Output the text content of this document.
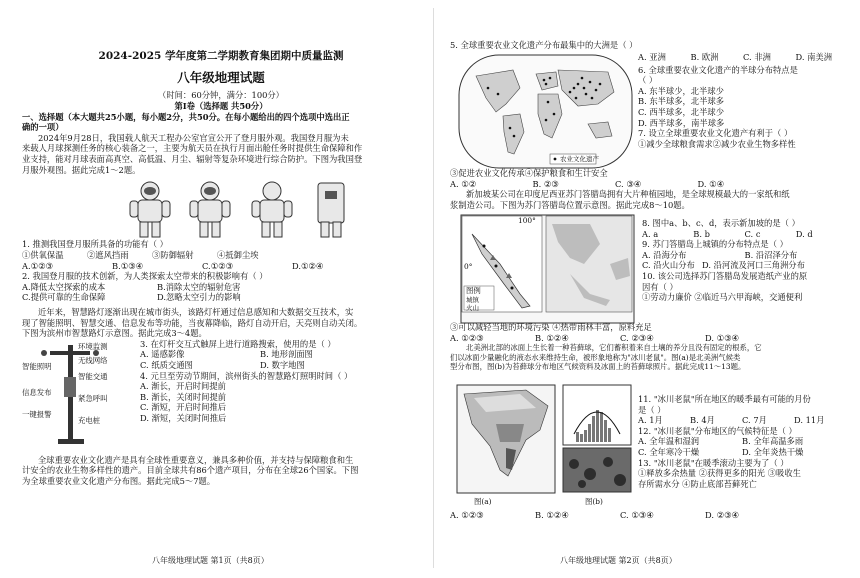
2024-2025 学年度第二学期教育集团期中质量监测

八年级地理试题

（时间：60分钟，满分：100分）

第Ⅰ卷（选择题 共50分）

一、选择题（本大题共25小题，每小题2分，共50分。在每小题给出的四个选项中选出正

确的一项）

2024年9月28日，我国载人航天工程办公室官宣公开了登月服外观。我国登月服为未

来载人月球探测任务的核心装备之一，主要为航天员在执行月面出舱任务时提供生命保障和作

业支持，能对月球表面高真空、高低温、月尘、辐射等复杂环境进行综合防护。下图为我国登

月服外观图。据此完成1～2题。

1. 推测我国登月服所具备的功能有（ ）

①供氧保温	②遮风挡雨	③防御辐射	④抵御尘埃
A.①②③	B.①③④	C.①②③	D.①②④

2. 我国登月服的技术创新，为人类探索太空带来的积极影响有（ ）

A.降低太空探索的成本	B.消除太空的辐射危害
C.提供可靠的生命保障	D.忽略太空引力的影响

近年来，智慧路灯逐渐出现在城市街头，该路灯杆通过信息感知和大数据交互技术，实

现了智能照明、智慧交通、信息发布等功能，当夜幕降临，路灯自动开启，天亮则自动关闭。

下图为滨州市智慧路灯示意图。据此完成3～4题。

环境监测
无线网络
智能交通
紧急呼叫
充电桩
智能照明
信息发布
一键报警

3. 在灯杆交互式触屏上进行道路搜索，使用的是（ ）

A. 遥感影像

C. 纸质交通图

4. 元旦至劳动节期间，滨州街头的智慧路灯照明时间（ ）

A. 渐长，开启时间提前

B. 渐长，关闭时间提前

C. 渐短，开启时间推后

D. 渐短，关闭时间推后

B. 地形剖面图

D. 数字地图

全球重要农业文化遗产是具有全球性重要意义，兼具多种价值，并支持与保障粮食和生

计安全的农业生物多样性的遗产。目前全球共有86个遗产项目，分布在全球26个国家。下图

为全球重要农业文化遗产分布图。据此完成5～7题。

八年级地理试题 第1页（共8页）

5. 全球重要农业文化遗产分布最集中的大洲是（ ）

农业文化遗产
A. 亚洲	B. 欧洲	C. 非洲	D. 南美洲

6. 全球重要农业文化遗产的半球分布特点是

（ ）

A. 东半球少，北半球少

B. 东半球多，北半球多

C. 西半球多，北半球少

D. 西半球多，南半球多

7. 设立全球重要农业文化遗产有利于（ ）

①减少全球粮食需求②减少农业生物多样性

③促进农业文化传承④保护粮食和生计安全

A. ①②	B. ②③	C. ③④	D. ①④

新加坡某公司在印度尼西亚苏门答腊岛拥有大片种植园地，是全球规模最大的一家纸和纸

浆制造公司。下图为苏门答腊岛位置示意图。据此完成8～10题。

100°
0°
图例
城镇
火山

8. 图中a、b、c、d，表示新加坡的是（ ）

A. a	B. b	C. c	D. d

9. 苏门答腊岛上城镇的分布特点是（ ）

A. 沿海分布	B. 沿沼泽分布

C. 沿火山分布 D. 沿河流及河口三角洲分布

10. 该公司选择苏门答腊岛发展造纸产业的原

因有（ ）

①劳动力廉价 ②临近马六甲海峡，交通便利

③可以减轻当地的环境污染 ④热带雨林丰富，原料充足

A. ①②③	B. ①②④	C. ②③④	D. ①③④

北美洲北部的冰面上生长着一种苔藓球，它们蓄积着来自土壤的养分且没有固定的根系，它

们以冰面少量融化的液态水来维持生命，被形象地称为"冰川老鼠"。图(a)是北美洲气候类

型分布图，图(b)为苔藓球分布地区气候资料及冰面上的苔藓球照片。据此完成11～13题。

图(a)	图(b)

11. "冰川老鼠"所在地区的暖季最有可能的月份

是（ ）

A. 1月	B. 4月	C. 7月	D. 11月

12. "冰川老鼠"分布地区的气候特征是（ ）

A. 全年温和湿润	B. 全年高温多雨
C. 全年寒冷干燥	D. 全年炎热干燥

13. "冰川老鼠"在暖季滚动主要为了（ ）

①释放多余热量 ②获得更多的阳光 ③吸收生

存所需水分 ④防止底部苔藓死亡

A. ①②③	B. ①②④	C. ①③④	D. ②③④

八年级地理试题 第2页（共8页）
